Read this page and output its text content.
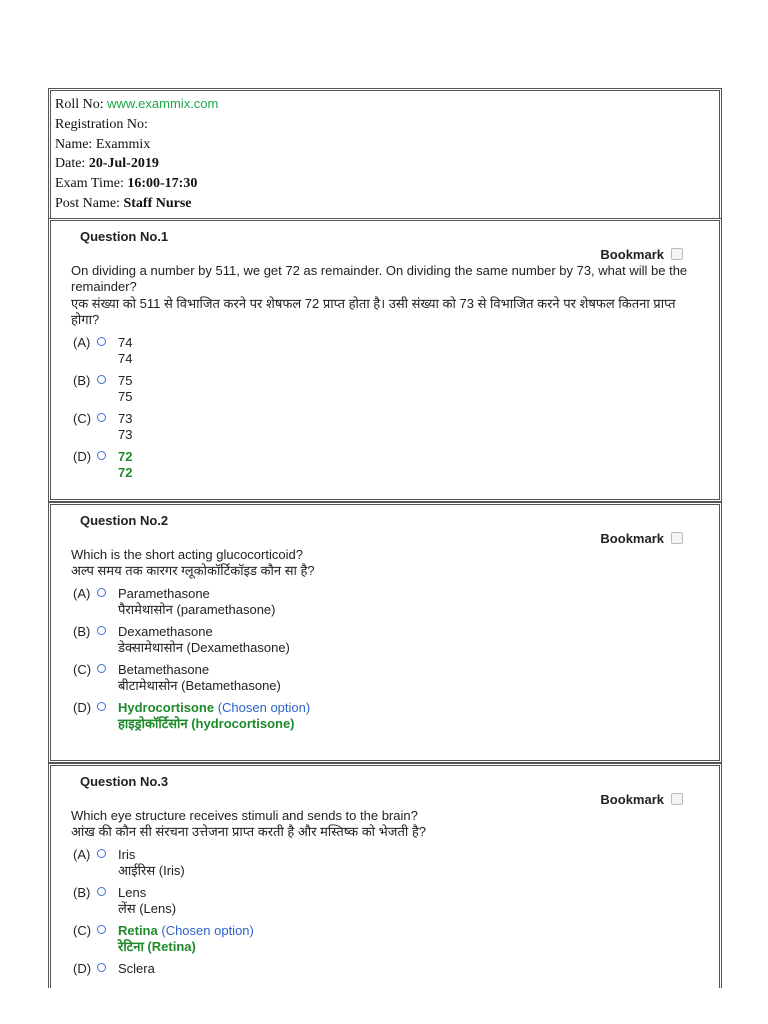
Roll No: www.exammix.com
Registration No:
Name: Exammix
Date: 20-Jul-2019
Exam Time: 16:00-17:30
Post Name: Staff Nurse
Question No.1
Bookmark
On dividing a number by 511, we get 72 as remainder. On dividing the same number by 73, what will be the remainder?
एक संख्या को 511 से विभाजित करने पर शेषफल 72 प्राप्त होता है। उसी संख्या को 73 से विभाजित करने पर शेषफल कितना प्राप्त होगा?
(A) 74
74
(B) 75
75
(C) 73
73
(D) 72
72
Question No.2
Bookmark
Which is the short acting glucocorticoid?
अल्प समय तक कारगर ग्लूकोकॉर्टिकॉइड कौन सा है?
(A) Paramethasone
पैरामेथासोन (paramethasone)
(B) Dexamethasone
डेक्सामेथासोन (Dexamethasone)
(C) Betamethasone
बीटामेथासोन (Betamethasone)
(D) Hydrocortisone (Chosen option)
हाइड्रोकॉर्टिसोन (hydrocortisone)
Question No.3
Bookmark
Which eye structure receives stimuli and sends to the brain?
आंख की कौन सी संरचना उत्तेजना प्राप्त करती है और मस्तिष्क को भेजती है?
(A) Iris
आईरिस (Iris)
(B) Lens
लेंस (Lens)
(C) Retina (Chosen option)
रेटिना (Retina)
(D) Sclera
